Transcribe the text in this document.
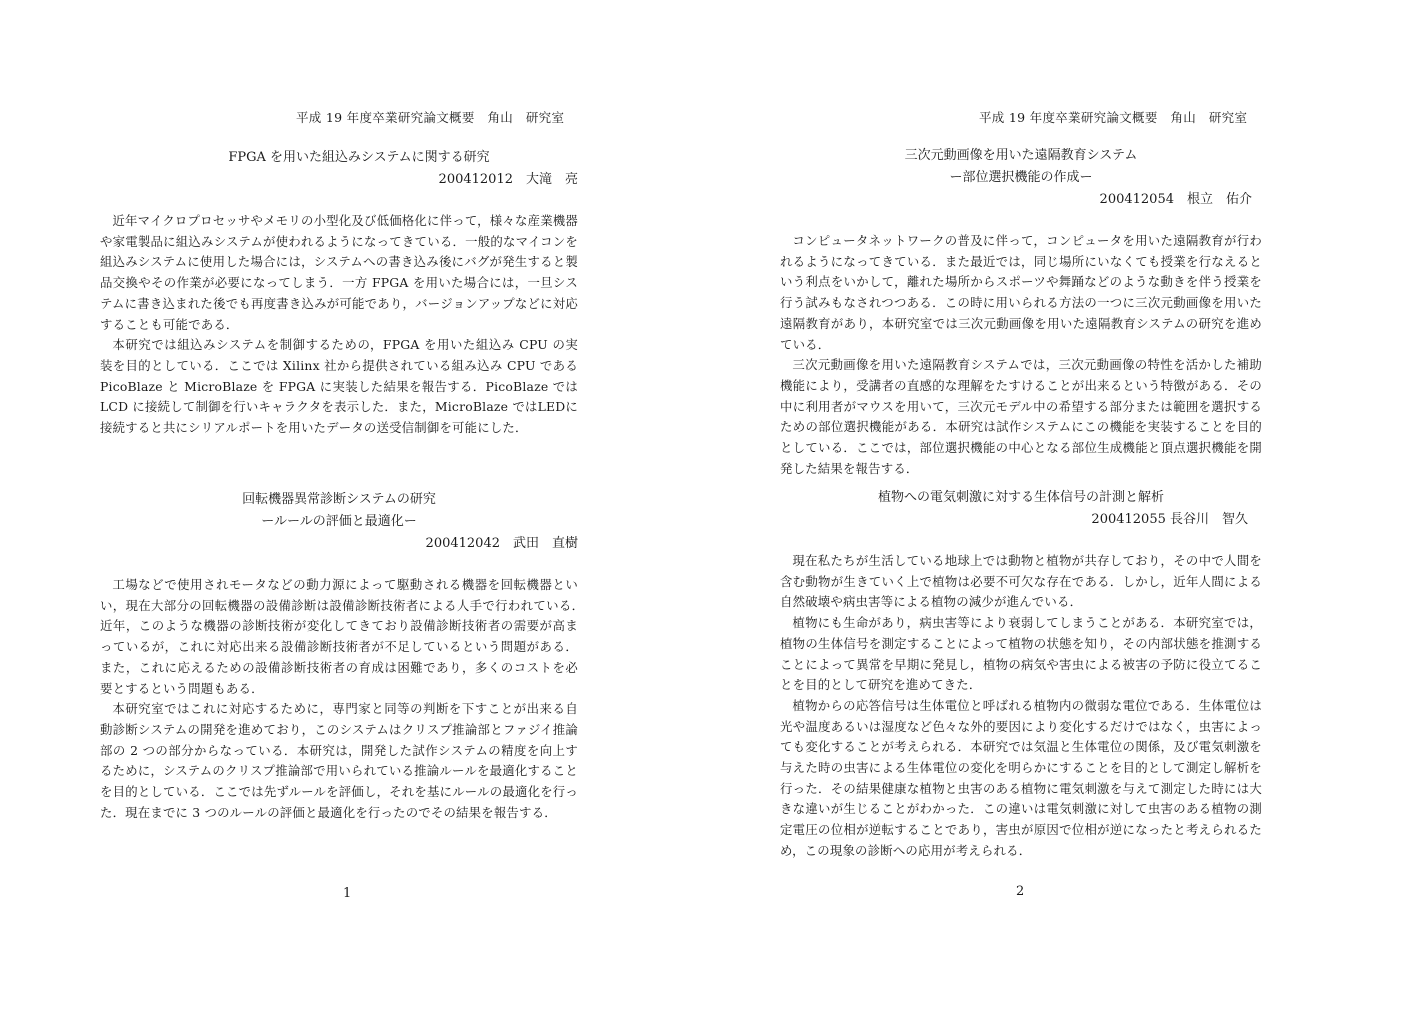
平成 19 年度卒業研究論文概要　角山　研究室
FPGA を用いた組込みシステムに関する研究
200412012　大滝　亮

近年マイクロプロセッサやメモリの小型化及び低価格化に伴って，様々な産業機器や家電製品に組込みシステムが使われるようになってきている．一般的なマイコンを組込みシステムに使用した場合には，システムへの書き込み後にバグが発生すると製品交換やその作業が必要になってしまう．一方 FPGA を用いた場合には，一旦システムに書き込まれた後でも再度書き込みが可能であり，バージョンアップなどに対応することも可能である．

本研究では組込みシステムを制御するための，FPGA を用いた組込み CPU の実装を目的としている．ここでは Xilinx 社から提供されている組み込み CPU である PicoBlaze と MicroBlaze を FPGA に実装した結果を報告する．PicoBlaze では LCD に接続して制御を行いキャラクタを表示した．また，MicroBlaze ではLEDに接続すると共にシリアルポートを用いたデータの送受信制御を可能にした．

回転機器異常診断システムの研究
ールールの評価と最適化ー
200412042　武田　直樹

工場などで使用されモータなどの動力源によって駆動される機器を回転機器といい，現在大部分の回転機器の設備診断は設備診断技術者による人手で行われている．　近年，このような機器の診断技術が変化してきており設備診断技術者の需要が高まっているが，これに対応出来る設備診断技術者が不足しているという問題がある．また，これに応えるための設備診断技術者の育成は困難であり，多くのコストを必要とするという問題もある．

本研究室ではこれに対応するために，専門家と同等の判断を下すことが出来る自動診断システムの開発を進めており，このシステムはクリスプ推論部とファジイ推論部の 2 つの部分からなっている．本研究は，開発した試作システムの精度を向上するために，システムのクリスプ推論部で用いられている推論ルールを最適化することを目的としている．ここでは先ずルールを評価し，それを基にルールの最適化を行った．現在までに 3 つのルールの評価と最適化を行ったのでその結果を報告する．

1
平成 19 年度卒業研究論文概要　角山　研究室
三次元動画像を用いた遠隔教育システム
ー部位選択機能の作成ー
200412054　根立　佑介

コンピュータネットワークの普及に伴って，コンピュータを用いた遠隔教育が行われるようになってきている．また最近では，同じ場所にいなくても授業を行なえるという利点をいかして，離れた場所からスポーツや舞踊などのような動きを伴う授業を行う試みもなされつつある．この時に用いられる方法の一つに三次元動画像を用いた遠隔教育があり，本研究室では三次元動画像を用いた遠隔教育システムの研究を進めている．

三次元動画像を用いた遠隔教育システムでは，三次元動画像の特性を活かした補助機能により，受講者の直感的な理解をたすけることが出来るという特徴がある．その中に利用者がマウスを用いて，三次元モデル中の希望する部分または範囲を選択するための部位選択機能がある．本研究は試作システムにこの機能を実装することを目的としている．ここでは，部位選択機能の中心となる部位生成機能と頂点選択機能を開発した結果を報告する．

植物への電気刺激に対する生体信号の計測と解析
200412055 長谷川　智久

現在私たちが生活している地球上では動物と植物が共存しており，その中で人間を含む動物が生きていく上で植物は必要不可欠な存在である．しかし，近年人間による自然破壊や病虫害等による植物の減少が進んでいる．

植物にも生命があり，病虫害等により衰弱してしまうことがある．本研究室では，植物の生体信号を測定することによって植物の状態を知り，その内部状態を推測することによって異常を早期に発見し，植物の病気や害虫による被害の予防に役立てることを目的として研究を進めてきた．

植物からの応答信号は生体電位と呼ばれる植物内の微弱な電位である．生体電位は光や温度あるいは湿度など色々な外的要因により変化するだけではなく，虫害によっても変化することが考えられる．本研究では気温と生体電位の関係，及び電気刺激を与えた時の虫害による生体電位の変化を明らかにすることを目的として測定し解析を行った．その結果健康な植物と虫害のある植物に電気刺激を与えて測定した時には大きな違いが生じることがわかった．この違いは電気刺激に対して虫害のある植物の測定電圧の位相が逆転することであり，害虫が原因で位相が逆になったと考えられるため，この現象の診断への応用が考えられる．

2
